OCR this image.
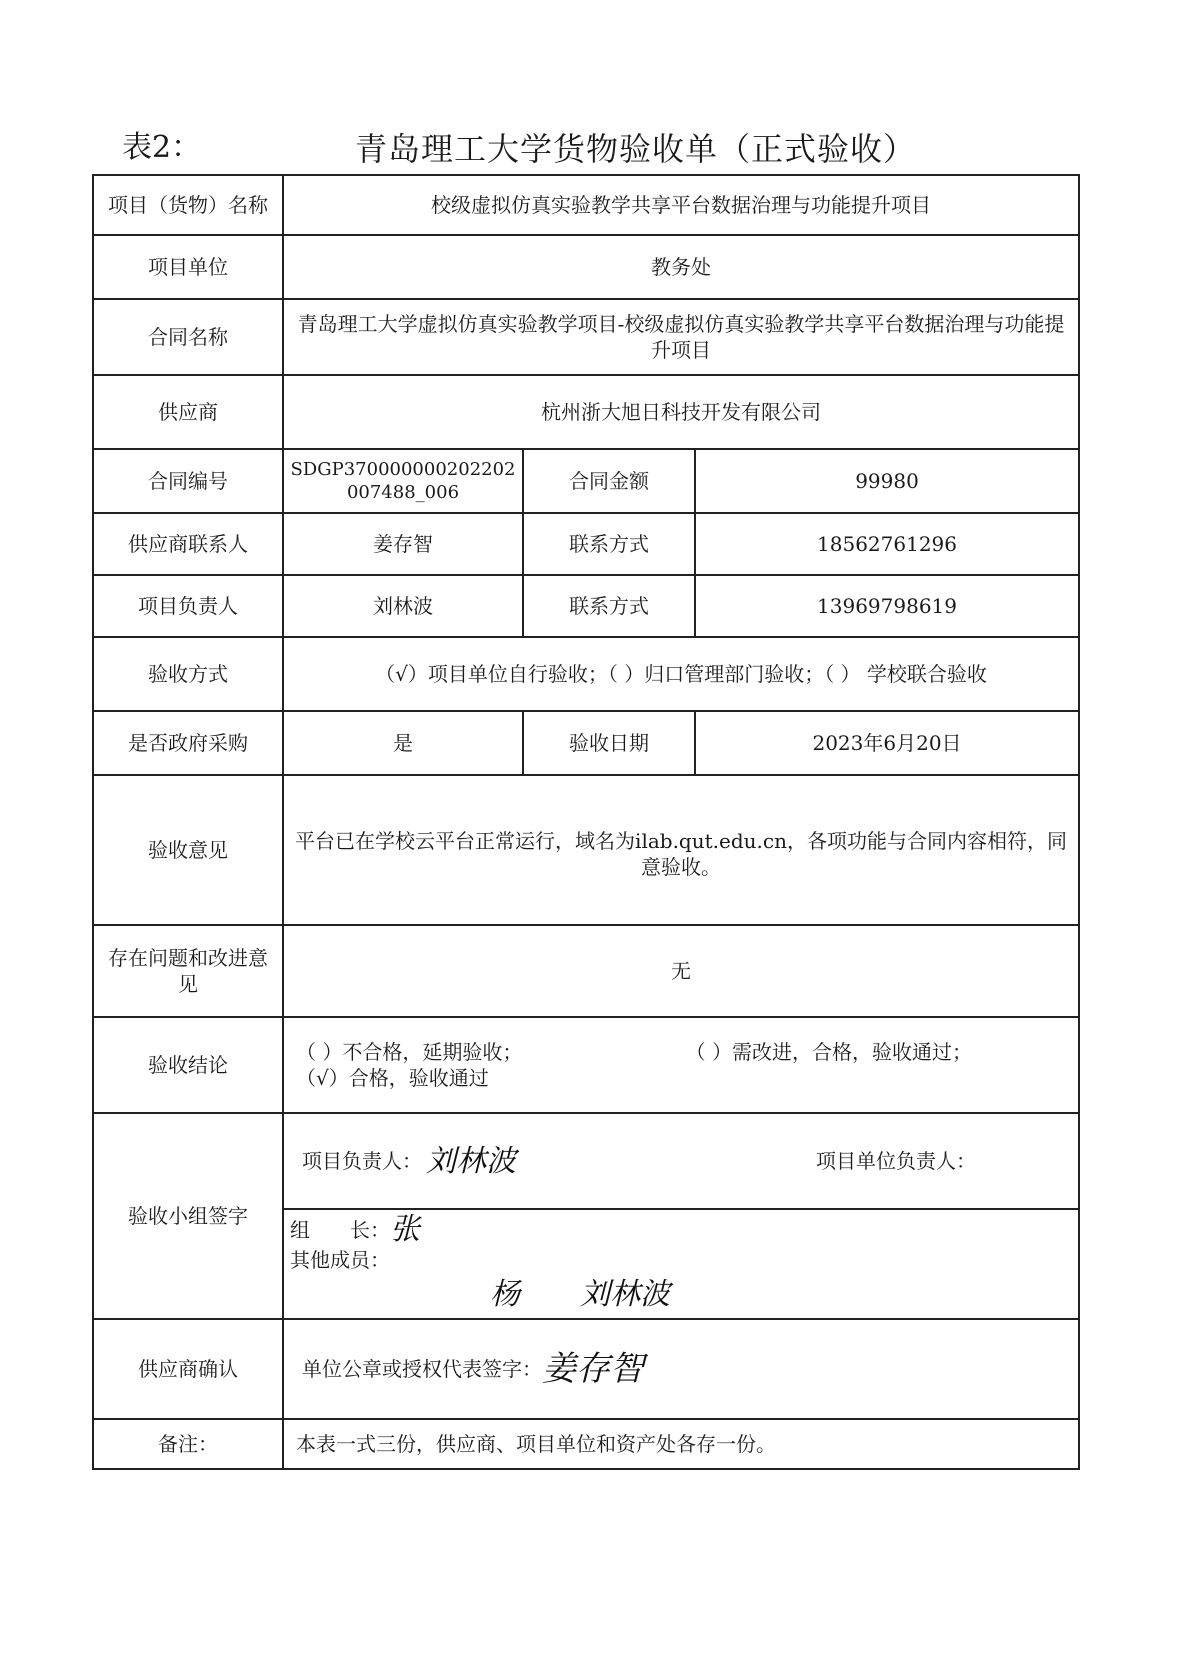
表2：	青岛理工大学货物验收单（正式验收）
项目（货物）名称	校级虚拟仿真实验教学共享平台数据治理与功能提升项目		
项目单位	教务处		
合同名称	青岛理工大学虚拟仿真实验教学项目-校级虚拟仿真实验教学共享平台数据治理与功能提升项目		
供应商	杭州浙大旭日科技开发有限公司		
合同编号	SDGP370000000202202007488_006	合同金额	99980
供应商联系人	姜存智	联系方式	18562761296
项目负责人	刘林波	联系方式	13969798619
验收方式	（√）项目单位自行验收；（ ）归口管理部门验收；（ ） 学校联合验收		
是否政府采购	是	验收日期	2023年6月20日
验收意见	平台已在学校云平台正常运行，域名为ilab.qut.edu.cn，各项功能与合同内容相符，同意验收。		
存在问题和改进意见	无		
验收结论	（ ）不合格，延期验收； （ ）需改进，合格，验收通过；
（√）合格，验收通过		

验收小组签字	项目负责人： 刘林波 项目单位负责人：		

	组　　长： 张
其他成员：
杨 刘林波		

供应商确认	单位公章或授权代表签字： 姜存智		

备注：	本表一式三份，供应商、项目单位和资产处各存一份。		
